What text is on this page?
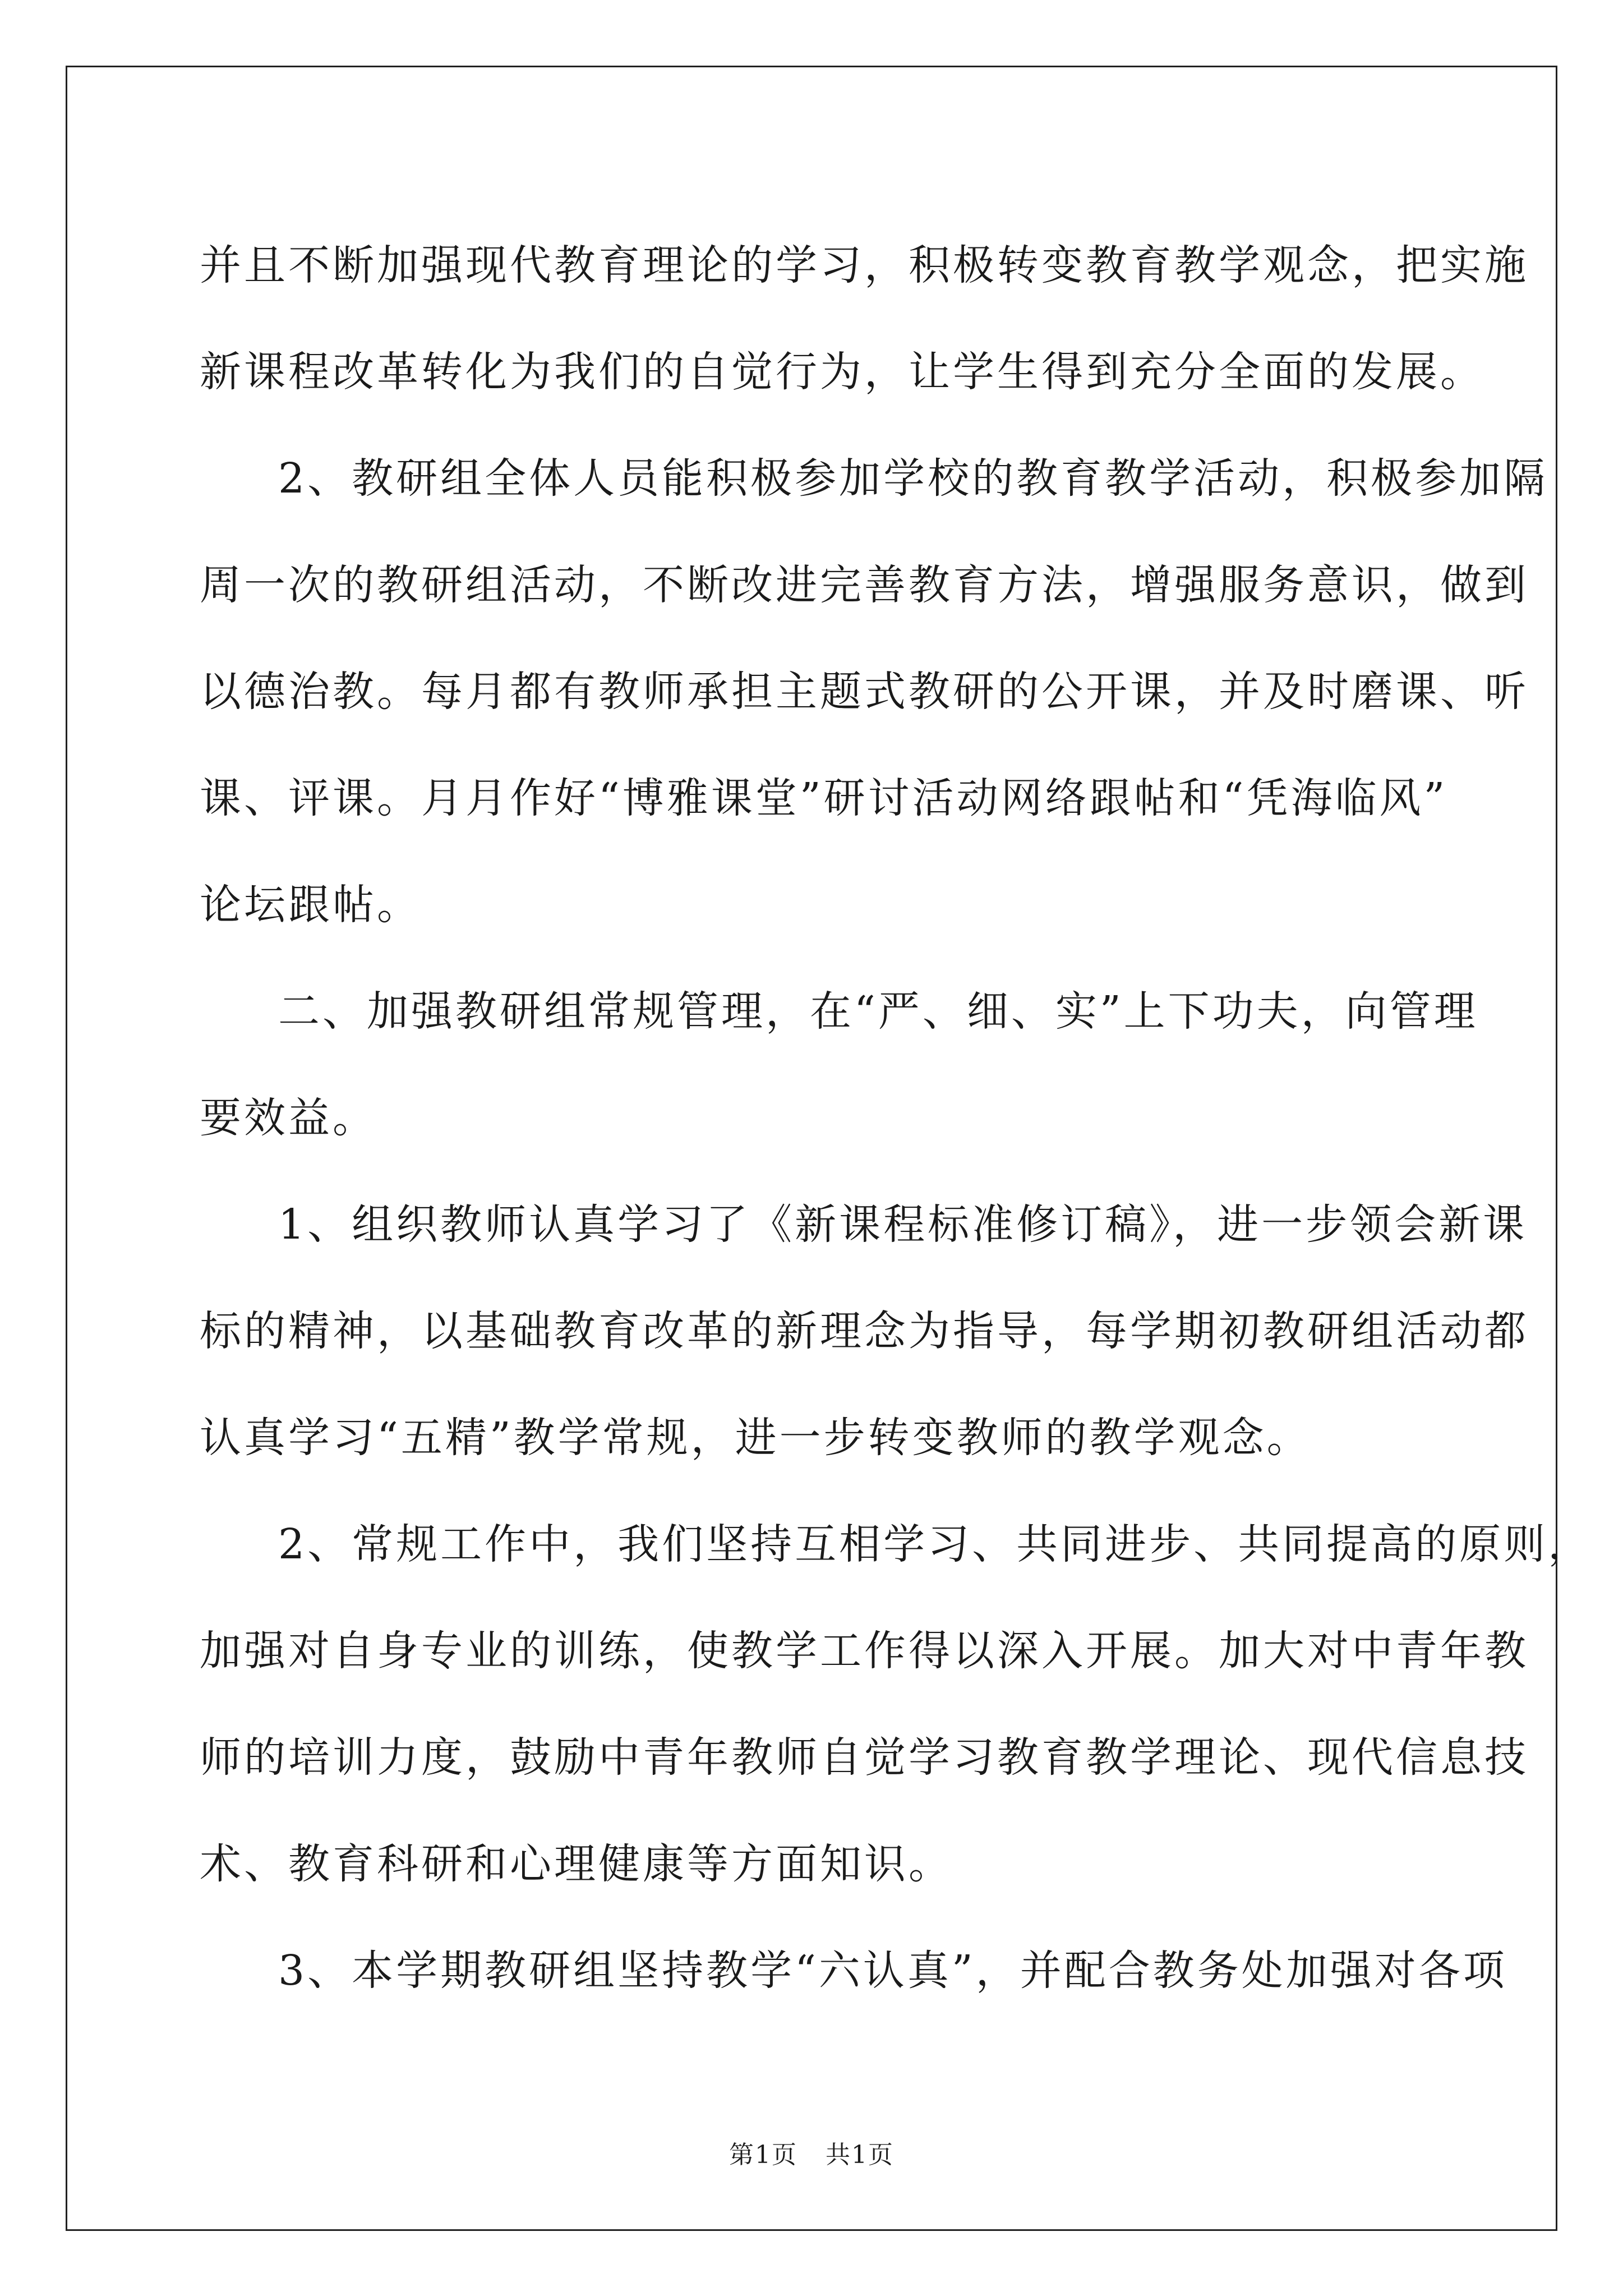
并且不断加强现代教育理论的学习，积极转变教育教学观念，把实施
新课程改革转化为我们的自觉行为，让学生得到充分全面的发展。
2、教研组全体人员能积极参加学校的教育教学活动，积极参加隔
周一次的教研组活动，不断改进完善教育方法，增强服务意识，做到
以德治教。每月都有教师承担主题式教研的公开课，并及时磨课、听
课、评课。月月作好“博雅课堂”研讨活动网络跟帖和“凭海临风”
论坛跟帖。
二、加强教研组常规管理，在“严、细、实”上下功夫，向管理
要效益。
1、组织教师认真学习了《新课程标准修订稿》，进一步领会新课
标的精神，以基础教育改革的新理念为指导，每学期初教研组活动都
认真学习“五精”教学常规，进一步转变教师的教学观念。
2、常规工作中，我们坚持互相学习、共同进步、共同提高的原则，
加强对自身专业的训练，使教学工作得以深入开展。加大对中青年教
师的培训力度，鼓励中青年教师自觉学习教育教学理论、现代信息技
术、教育科研和心理健康等方面知识。
3、本学期教研组坚持教学“六认真”，并配合教务处加强对各项
第1页 共1页
